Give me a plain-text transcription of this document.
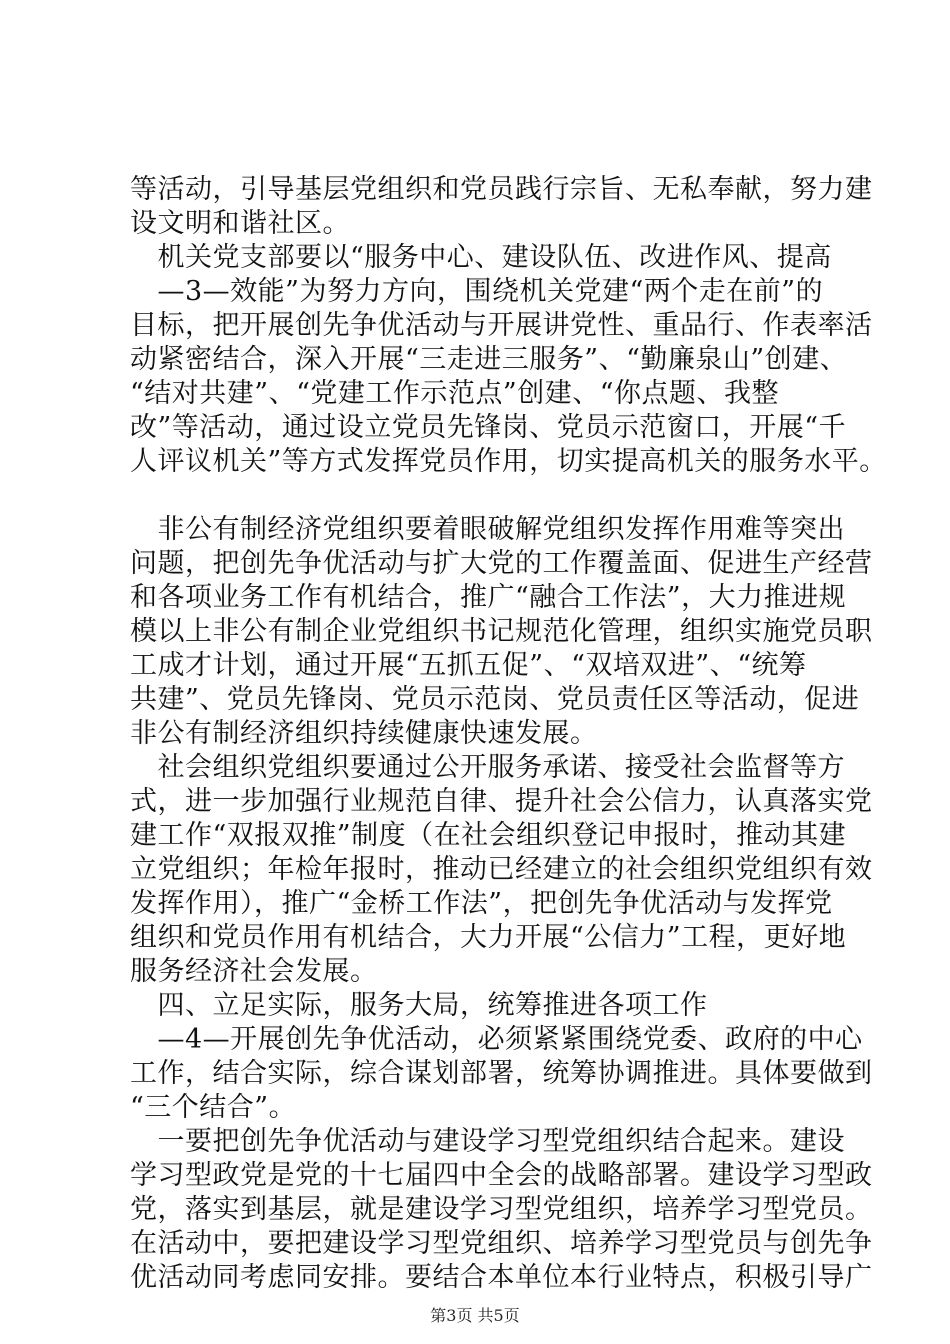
等活动，引导基层党组织和党员践行宗旨、无私奉献，努力建
设文明和谐社区。
　机关党支部要以“服务中心、建设队伍、改进作风、提高
　—3—效能”为努力方向，围绕机关党建“两个走在前”的
目标，把开展创先争优活动与开展讲党性、重品行、作表率活
动紧密结合，深入开展“三走进三服务”、“勤廉泉山”创建、
“结对共建”、“党建工作示范点”创建、“你点题、我整
改”等活动，通过设立党员先锋岗、党员示范窗口，开展“千
人评议机关”等方式发挥党员作用，切实提高机关的服务水平。
　非公有制经济党组织要着眼破解党组织发挥作用难等突出
问题，把创先争优活动与扩大党的工作覆盖面、促进生产经营
和各项业务工作有机结合，推广“融合工作法”，大力推进规
模以上非公有制企业党组织书记规范化管理，组织实施党员职
工成才计划，通过开展“五抓五促”、“双培双进”、“统筹
共建”、党员先锋岗、党员示范岗、党员责任区等活动，促进
非公有制经济组织持续健康快速发展。
　社会组织党组织要通过公开服务承诺、接受社会监督等方
式，进一步加强行业规范自律、提升社会公信力，认真落实党
建工作“双报双推”制度（在社会组织登记申报时，推动其建
立党组织；年检年报时，推动已经建立的社会组织党组织有效
发挥作用），推广“金桥工作法”，把创先争优活动与发挥党
组织和党员作用有机结合，大力开展“公信力”工程，更好地
服务经济社会发展。
　四、立足实际，服务大局，统筹推进各项工作
　—4—开展创先争优活动，必须紧紧围绕党委、政府的中心
工作，结合实际，综合谋划部署，统筹协调推进。具体要做到
“三个结合”。
　一要把创先争优活动与建设学习型党组织结合起来。建设
学习型政党是党的十七届四中全会的战略部署。建设学习型政
党，落实到基层，就是建设学习型党组织，培养学习型党员。
在活动中，要把建设学习型党组织、培养学习型党员与创先争
优活动同考虑同安排。要结合本单位本行业特点，积极引导广
第3页 共5页
